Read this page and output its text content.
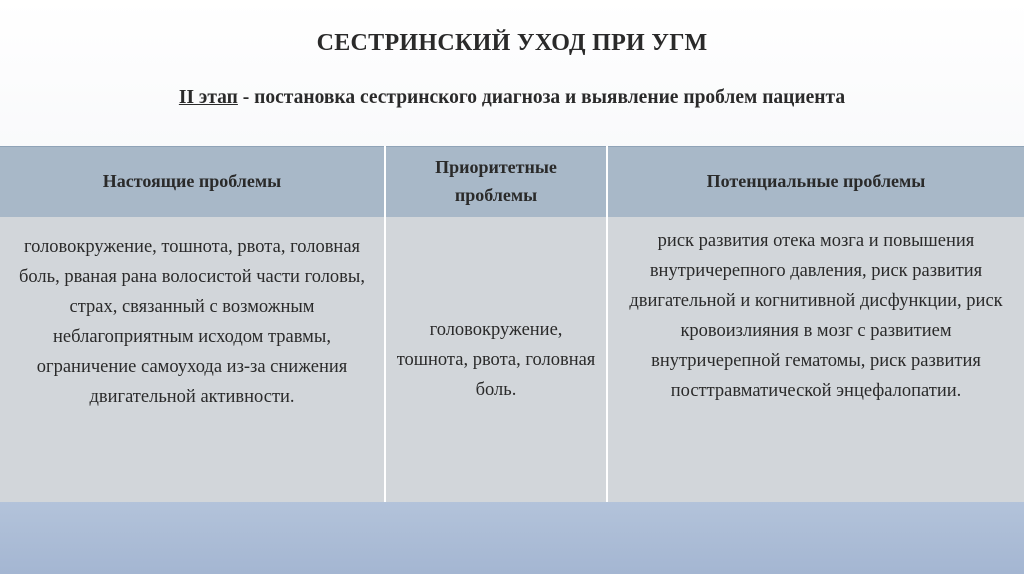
СЕСТРИНСКИЙ УХОД ПРИ УГМ
II этап - постановка сестринского диагноза и выявление проблем пациента
Настоящие проблемы
Приоритетные проблемы
Потенциальные проблемы
головокружение, тошнота, рвота, головная боль, рваная рана волосистой части головы, страх, связанный с возможным неблагоприятным исходом травмы, ограничение самоухода из-за снижения двигательной активности.
головокружение, тошнота, рвота, головная боль.
риск развития отека мозга и повышения внутричерепного давления, риск развития двигательной и когнитивной дисфункции, риск кровоизлияния в мозг с развитием внутричерепной гематомы, риск развития посттравматической энцефалопатии.
